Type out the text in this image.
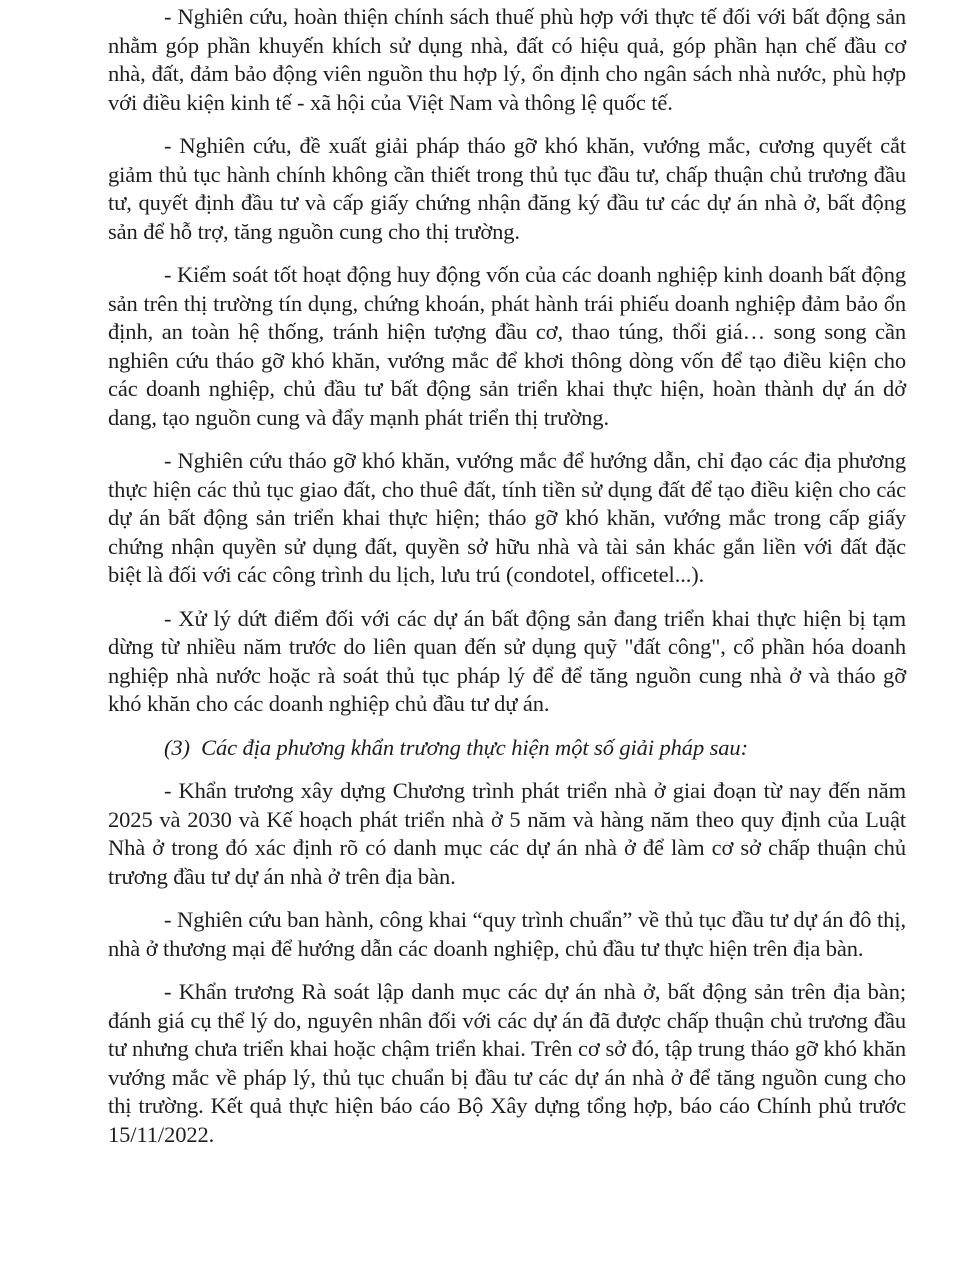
- Nghiên cứu, hoàn thiện chính sách thuế phù hợp với thực tế đối với bất động sản nhằm góp phần khuyến khích sử dụng nhà, đất có hiệu quả, góp phần hạn chế đầu cơ nhà, đất, đảm bảo động viên nguồn thu hợp lý, ổn định cho ngân sách nhà nước, phù hợp với điều kiện kinh tế - xã hội của Việt Nam và thông lệ quốc tế.

- Nghiên cứu, đề xuất giải pháp tháo gỡ khó khăn, vướng mắc, cương quyết cắt giảm thủ tục hành chính không cần thiết trong thủ tục đầu tư, chấp thuận chủ trương đầu tư, quyết định đầu tư và cấp giấy chứng nhận đăng ký đầu tư các dự án nhà ở, bất động sản để hỗ trợ, tăng nguồn cung cho thị trường.

- Kiểm soát tốt hoạt động huy động vốn của các doanh nghiệp kinh doanh bất động sản trên thị trường tín dụng, chứng khoán, phát hành trái phiếu doanh nghiệp đảm bảo ổn định, an toàn hệ thống, tránh hiện tượng đầu cơ, thao túng, thổi giá… song song cần nghiên cứu tháo gỡ khó khăn, vướng mắc để khơi thông dòng vốn để tạo điều kiện cho các doanh nghiệp, chủ đầu tư bất động sản triển khai thực hiện, hoàn thành dự án dở dang, tạo nguồn cung và đẩy mạnh phát triển thị trường.

- Nghiên cứu tháo gỡ khó khăn, vướng mắc để hướng dẫn, chỉ đạo các địa phương thực hiện các thủ tục giao đất, cho thuê đất, tính tiền sử dụng đất để tạo điều kiện cho các dự án bất động sản triển khai thực hiện; tháo gỡ khó khăn, vướng mắc trong cấp giấy chứng nhận quyền sử dụng đất, quyền sở hữu nhà và tài sản khác gắn liền với đất đặc biệt là đối với các công trình du lịch, lưu trú (condotel, officetel...).

- Xử lý dứt điểm đối với các dự án bất động sản đang triển khai thực hiện bị tạm dừng từ nhiều năm trước do liên quan đến sử dụng quỹ "đất công", cổ phần hóa doanh nghiệp nhà nước hoặc rà soát thủ tục pháp lý để để tăng nguồn cung nhà ở và tháo gỡ khó khăn cho các doanh nghiệp chủ đầu tư dự án.

(3) Các địa phương khẩn trương thực hiện một số giải pháp sau:

- Khẩn trương xây dựng Chương trình phát triển nhà ở giai đoạn từ nay đến năm 2025 và 2030 và Kế hoạch phát triển nhà ở 5 năm và hàng năm theo quy định của Luật Nhà ở trong đó xác định rõ có danh mục các dự án nhà ở để làm cơ sở chấp thuận chủ trương đầu tư dự án nhà ở trên địa bàn.

- Nghiên cứu ban hành, công khai “quy trình chuẩn” về thủ tục đầu tư dự án đô thị, nhà ở thương mại để hướng dẫn các doanh nghiệp, chủ đầu tư thực hiện trên địa bàn.

- Khẩn trương Rà soát lập danh mục các dự án nhà ở, bất động sản trên địa bàn; đánh giá cụ thể lý do, nguyên nhân đối với các dự án đã được chấp thuận chủ trương đầu tư nhưng chưa triển khai hoặc chậm triển khai. Trên cơ sở đó, tập trung tháo gỡ khó khăn vướng mắc về pháp lý, thủ tục chuẩn bị đầu tư các dự án nhà ở để tăng nguồn cung cho thị trường. Kết quả thực hiện báo cáo Bộ Xây dựng tổng hợp, báo cáo Chính phủ trước 15/11/2022.
